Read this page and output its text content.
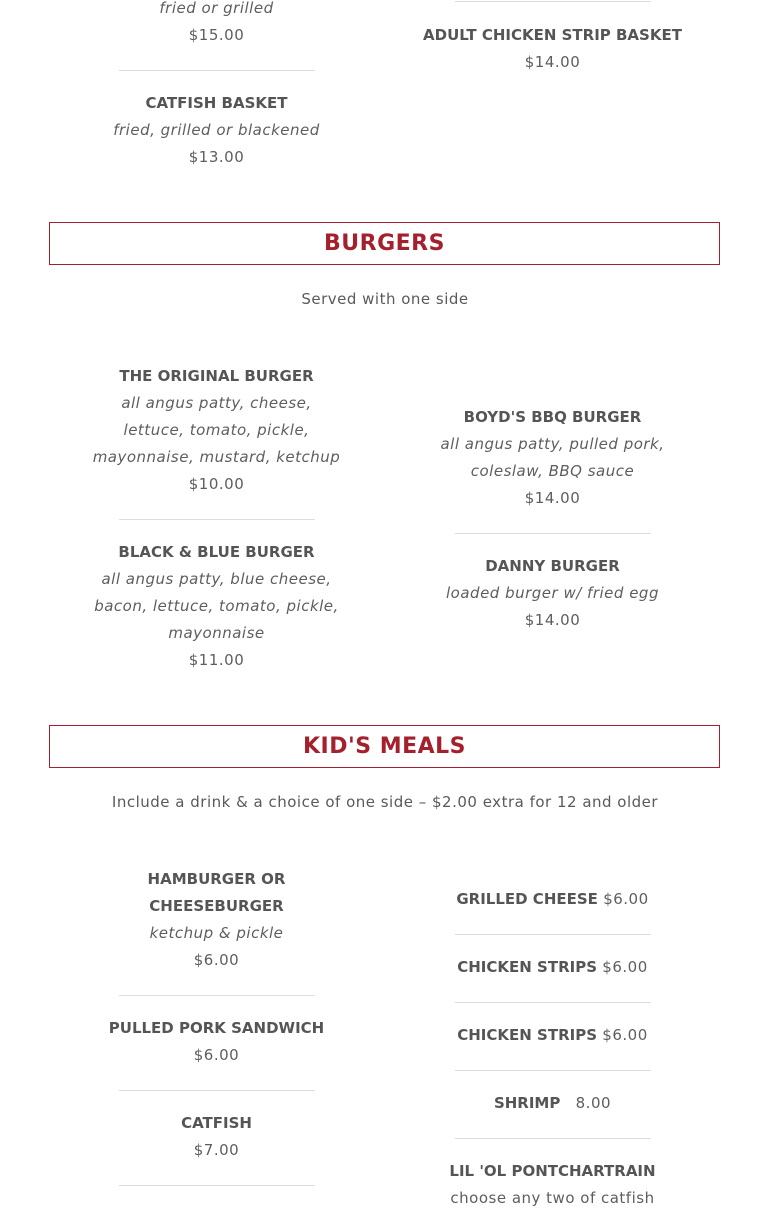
fried or grilled
$15.00
CATFISH BASKET
fried, grilled or blackened
$13.00
ADULT CHICKEN STRIP BASKET
$14.00
BURGERS
Served with one side
THE ORIGINAL BURGER
all angus patty, cheese,
lettuce, tomato, pickle,
mayonnaise, mustard, ketchup
$10.00
BLACK & BLUE BURGER
all angus patty, blue cheese,
bacon, lettuce, tomato, pickle,
mayonnaise
$11.00
BOYD'S BBQ BURGER
all angus patty, pulled pork,
coleslaw, BBQ sauce
$14.00
DANNY BURGER
loaded burger w/ fried egg
$14.00
KID'S MEALS
Include a drink & a choice of one side – $2.00 extra for 12 and older
HAMBURGER OR
CHEESEBURGER
ketchup & pickle
$6.00
PULLED PORK SANDWICH
$6.00
CATFISH
$7.00
GRILLED CHEESE $6.00
CHICKEN STRIPS $6.00
CHICKEN STRIPS $6.00
SHRIMP 8.00
LIL 'OL PONTCHARTRAIN
choose any two of catfish
